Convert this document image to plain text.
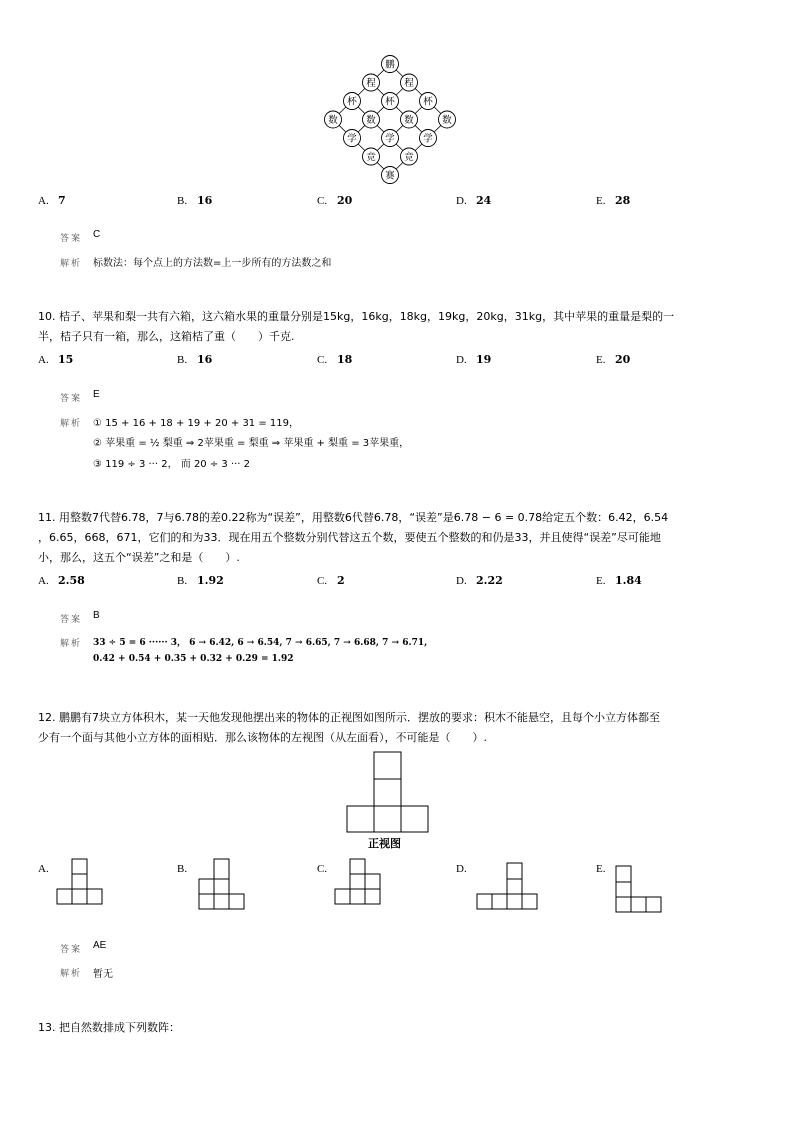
鹏
程	程
杯	杯	杯
数	数	数	数
学	学	学
竞	竞
赛
A. 7	B. 16	C. 20	D. 24	E. 28
答案 C
解析 标数法：每个点上的方法数=上一步所有的方法数之和
10. 桔子、苹果和梨一共有六箱，这六箱水果的重量分别是15kg，16kg，18kg，19kg，20kg，31kg，其中苹果的重量是梨的一
半，桔子只有一箱，那么，这箱桔了重（　　）千克.
A. 15	B. 16	C. 18	D. 19	E. 20
答案 E
解析 ① 15 + 16 + 18 + 19 + 20 + 31 = 119，
② 苹果重 = ½ 梨重 ⇒ 2苹果重 = 梨重 ⇒ 苹果重 + 梨重 = 3苹果重，
③ 119 ÷ 3 ··· 2， 而 20 ÷ 3 ··· 2
11. 用整数7代替6.78，7与6.78的差0.22称为“误差”，用整数6代替6.78，“误差”是6.78 − 6 = 0.78给定五个数：6.42，6.54
，6.65，668，671，它们的和为33．现在用五个整数分别代替这五个数，要使五个整数的和仍是33，并且使得“误差”尽可能地
小，那么，这五个“误差”之和是（　　）.
A. 2.58	B. 1.92	C. 2	D. 2.22	E. 1.84
答案 B
解析 33 ÷ 5 = 6 ······ 3， 6 → 6.42, 6 → 6.54, 7 → 6.65, 7 → 6.68, 7 → 6.71,
0.42 + 0.54 + 0.35 + 0.32 + 0.29 = 1.92
12. 鹏鹏有7块立方体积木，某一天他发现他摆出来的物体的正视图如图所示．摆放的要求：积木不能悬空，且每个小立方体都至
少有一个面与其他小立方体的面相贴．那么该物体的左视图（从左面看），不可能是（　　）.
正视图
A.	B.	C.	D.	E.
答案 AE
解析 暂无
13. 把自然数排成下列数阵：
